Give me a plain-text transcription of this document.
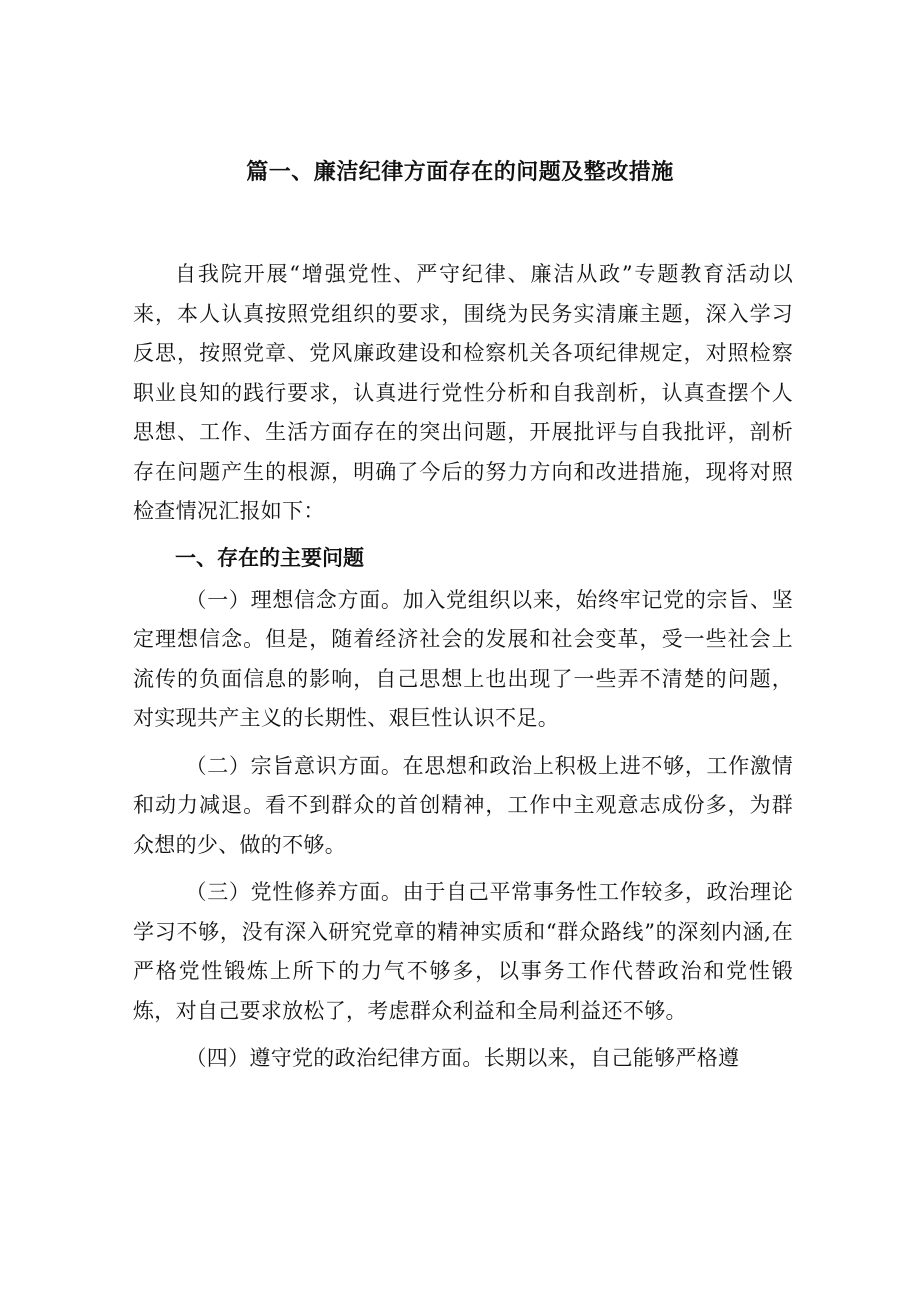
篇一、廉洁纪律方面存在的问题及整改措施

自我院开展“增强党性、严守纪律、廉洁从政”专题教育活动以来，本人认真按照党组织的要求，围绕为民务实清廉主题，深入学习反思，按照党章、党风廉政建设和检察机关各项纪律规定，对照检察职业良知的践行要求，认真进行党性分析和自我剖析，认真查摆个人思想、工作、生活方面存在的突出问题，开展批评与自我批评，剖析存在问题产生的根源，明确了今后的努力方向和改进措施，现将对照检查情况汇报如下：

一、存在的主要问题

（一）理想信念方面。加入党组织以来，始终牢记党的宗旨、坚定理想信念。但是，随着经济社会的发展和社会变革，受一些社会上流传的负面信息的影响，自己思想上也出现了一些弄不清楚的问题，对实现共产主义的长期性、艰巨性认识不足。

（二）宗旨意识方面。在思想和政治上积极上进不够，工作激情和动力减退。看不到群众的首创精神，工作中主观意志成份多，为群众想的少、做的不够。

（三）党性修养方面。由于自己平常事务性工作较多，政治理论学习不够，没有深入研究党章的精神实质和“群众路线”的深刻内涵,在严格党性锻炼上所下的力气不够多，以事务工作代替政治和党性锻炼，对自己要求放松了，考虑群众利益和全局利益还不够。

（四）遵守党的政治纪律方面。长期以来，自己能够严格遵
